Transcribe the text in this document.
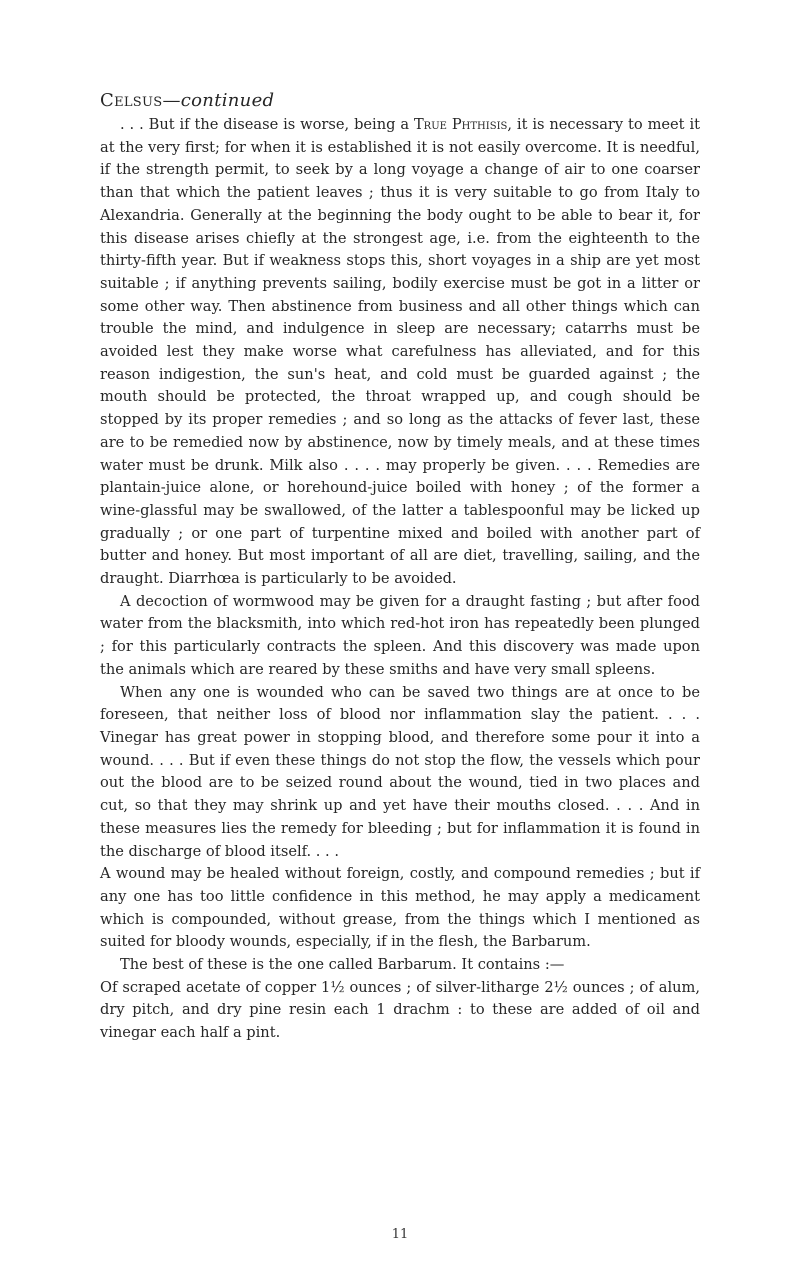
Celsus—continued

. . . But if the disease is worse, being a True Phthisis, it is necessary to meet it at the very first; for when it is established it is not easily overcome. It is needful, if the strength permit, to seek by a long voyage a change of air to one coarser than that which the patient leaves ; thus it is very suitable to go from Italy to Alexandria. Generally at the beginning the body ought to be able to bear it, for this disease arises chiefly at the strongest age, i.e. from the eighteenth to the thirty-fifth year. But if weakness stops this, short voyages in a ship are yet most suitable ; if anything prevents sailing, bodily exercise must be got in a litter or some other way. Then abstinence from business and all other things which can trouble the mind, and indulgence in sleep are necessary; catarrhs must be avoided lest they make worse what carefulness has alleviated, and for this reason indigestion, the sun's heat, and cold must be guarded against ; the mouth should be protected, the throat wrapped up, and cough should be stopped by its proper remedies ; and so long as the attacks of fever last, these are to be remedied now by abstinence, now by timely meals, and at these times water must be drunk. Milk also . . . . may properly be given. . . . Remedies are plantain-juice alone, or horehound-juice boiled with honey ; of the former a wine-glassful may be swallowed, of the latter a tablespoonful may be licked up gradually ; or one part of turpentine mixed and boiled with another part of butter and honey. But most important of all are diet, travelling, sailing, and the draught. Diarrhœa is particularly to be avoided.

A decoction of wormwood may be given for a draught fasting ; but after food water from the blacksmith, into which red-hot iron has repeatedly been plunged ; for this particularly contracts the spleen. And this discovery was made upon the animals which are reared by these smiths and have very small spleens.

When any one is wounded who can be saved two things are at once to be foreseen, that neither loss of blood nor inflammation slay the patient. . . . Vinegar has great power in stopping blood, and therefore some pour it into a wound. . . . But if even these things do not stop the flow, the vessels which pour out the blood are to be seized round about the wound, tied in two places and cut, so that they may shrink up and yet have their mouths closed. . . . And in these measures lies the remedy for bleeding ; but for inflammation it is found in the discharge of blood itself. . . .

A wound may be healed without foreign, costly, and compound remedies ; but if any one has too little confidence in this method, he may apply a medicament which is compounded, without grease, from the things which I mentioned as suited for bloody wounds, especially, if in the flesh, the Barbarum.

The best of these is the one called Barbarum. It contains :—

Of scraped acetate of copper 1½ ounces ; of silver-litharge 2½ ounces ; of alum, dry pitch, and dry pine resin each 1 drachm : to these are added of oil and vinegar each half a pint.

11
